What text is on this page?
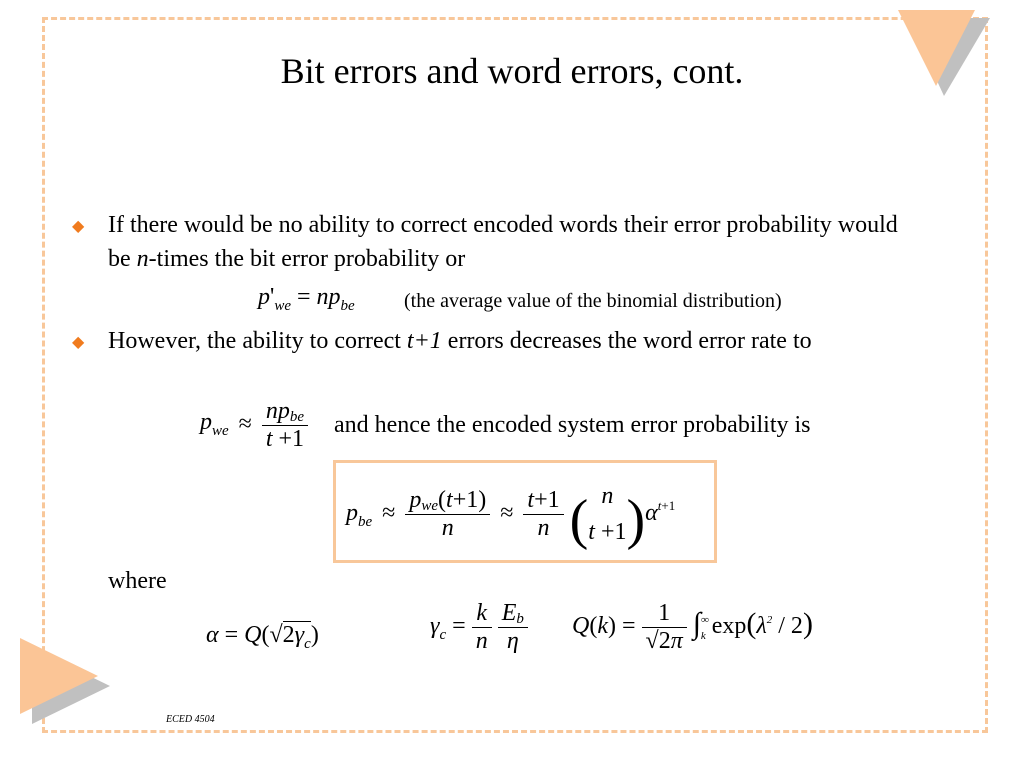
Bit errors and word errors, cont.
◆ If there would be no ability to correct encoded words their error probability would be n-times the bit error probability or
$p'_{we} = np_{be}$ (the average value of the binomial distribution)
◆ However, the ability to correct t+1 errors decreases the word error rate to
$p_{we} \approx \frac{\text{npbe}}{t +1}$ and hence the encoded system error probability is
$p_{be} \approx \frac{\text{pwe(t+1)}}{n} \approx \frac{t+1}{n}$ ( n
t +1 )$\alpha^{t+1}$
where
$\alpha = Q(√2\gamma_c)$	$\gamma_c = \frac{k}{n}$
$\frac{Eb}{\eta} Q(k) = \frac{1}{√2\pi} \int^\infty_k$ $\exp(\lambda^2 / 2)$
ECED 4504
